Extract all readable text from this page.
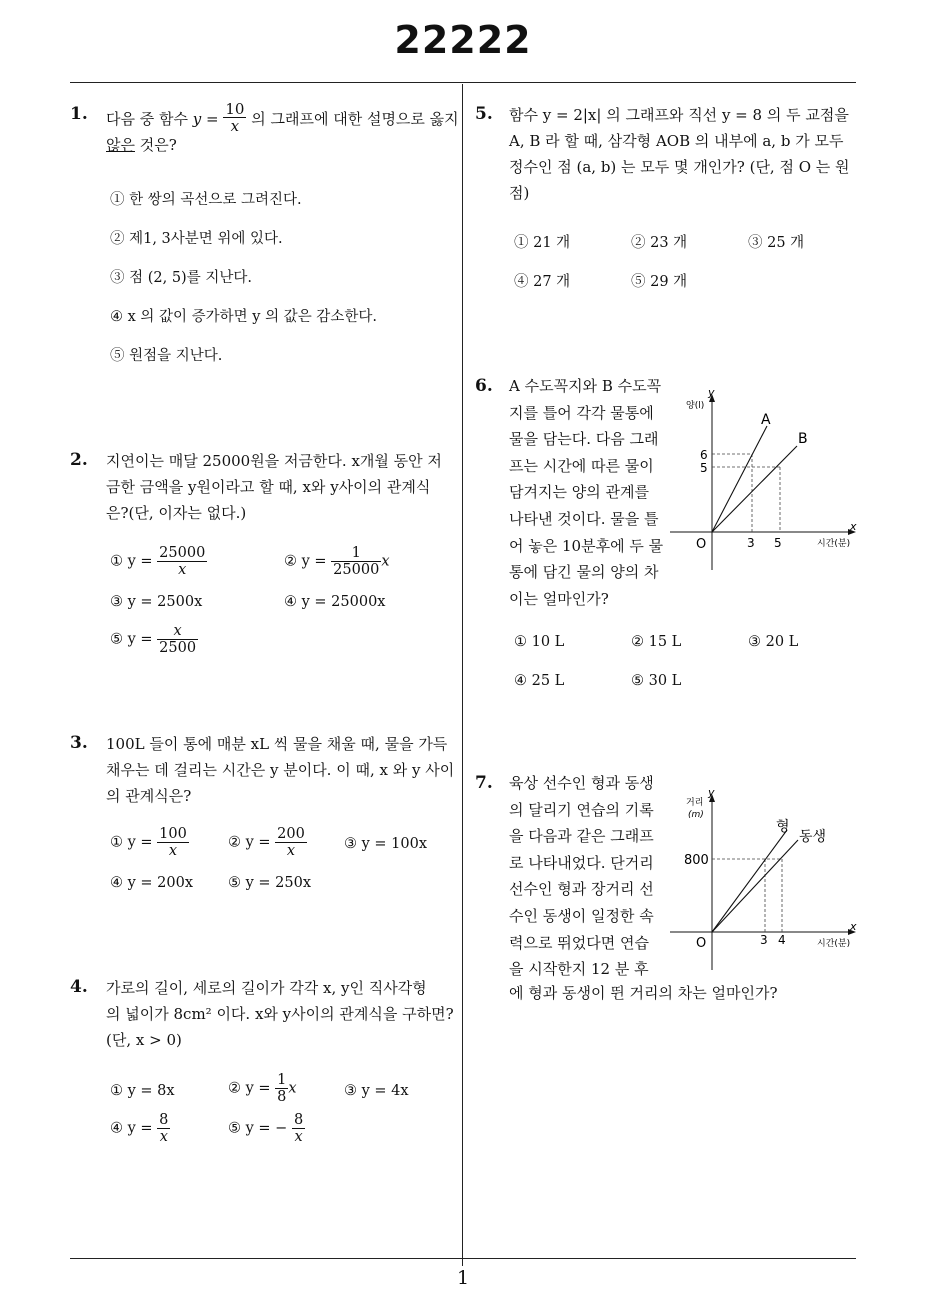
22222
1. 다음 중 함수 $y = \frac{10}{x}$ 의 그래프에 대한 설명으로 옳지
않은 것은?
① 한 쌍의 곡선으로 그려진다.
② 제1, 3사분면 위에 있다.
③ 점 (2, 5)를 지난다.
④ x 의 값이 증가하면 y 의 값은 감소한다.
⑤ 원점을 지난다.
2. 지연이는 매달 25000원을 저금한다. x개월 동안 저
금한 금액을 y원이라고 할 때, x와 y사이의 관계식
은?(단, 이자는 없다.)
① $y = \frac{25000}{x}$	② $y = \frac{1}{25000}$ x
③ y = 2500x	④ y = 25000x
⑤ $y = \frac{x}{2500}$
3. 100L 들이 통에 매분 xL 씩 물을 채울 때, 물을 가득
채우는 데 걸리는 시간은 y 분이다. 이 때, x 와 y 사이
의 관계식은?
① $y = \frac{100}{x}$	② $y = \frac{200}{x}$	③ y = 100x
④ y = 200x ⑤ y = 250x
4. 가로의 길이, 세로의 길이가 각각 x, y인 직사각형
의 넓이가 8cm² 이다. x와 y사이의 관계식을 구하면?
(단, x > 0)
① y = 8x	② $y = \frac{1}{8}$ x	③ y = 4x
④ $y = \frac{8}{x}$	⑤ y = − $\frac{8}{x}$
5. 함수 y = 2|x| 의 그래프와 직선 y = 8 의 두 교점을
A, B 라 할 때, 삼각형 AOB 의 내부에 a, b 가 모두
정수인 점 (a, b) 는 모두 몇 개인가? (단, 점 O 는 원
점)
① 21 개	② 23 개	③ 25 개
④ 27 개	⑤ 29 개
6. A 수도꼭지와 B 수도꼭
지를 틀어 각각 물통에
물을 담는다. 다음 그래
프는 시간에 따른 물이
담겨지는 양의 관계를
나타낸 것이다. 물을 틀
어 놓은 10분후에 두 물
통에 담긴 물의 양의 차
이는 얼마인가?
y
양(l)
x
시간(분)
O
A
B
6
5
3 5
① 10 L	② 15 L	③ 20 L
④ 25 L	⑤ 30 L
7. 육상 선수인 형과 동생
의 달리기 연습의 기록
을 다음과 같은 그래프
로 나타내었다. 단거리
선수인 형과 장거리 선
수인 동생이 일정한 속
력으로 뛰었다면 연습
을 시작한지 12 분 후
에 형과 동생이 뛴 거리의 차는 얼마인가?
y
거리
(m)
x
시간(분)
O
형
동생
800
3 4
1
